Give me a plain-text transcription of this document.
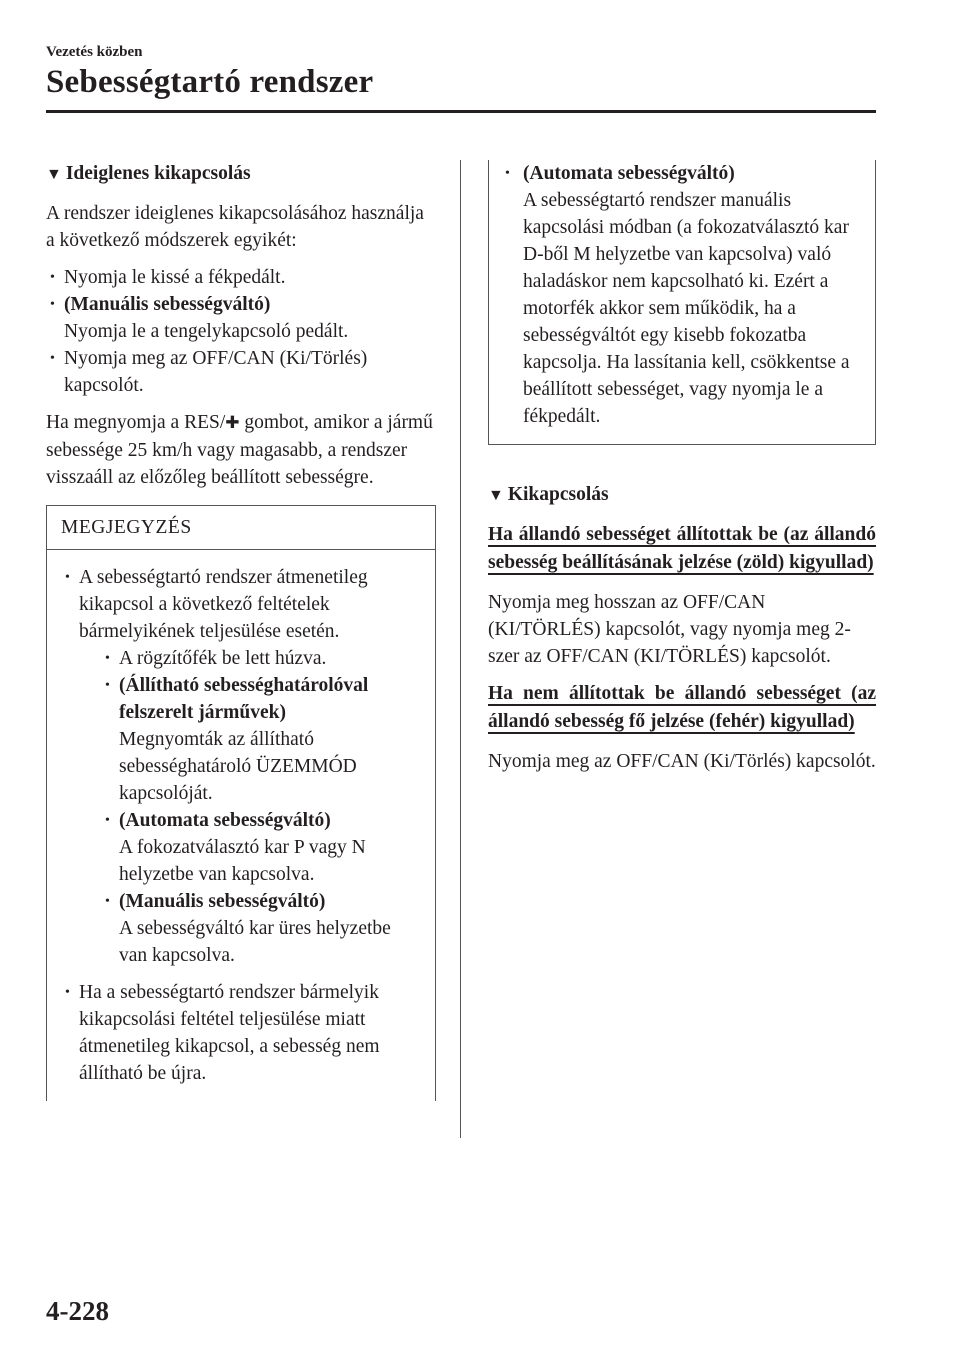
Vezetés közben
Sebességtartó rendszer
▼ Ideiglenes kikapcsolás

A rendszer ideiglenes kikapcsolásához használja a következő módszerek egyikét:

• Nyomja le kissé a fékpedált.
• (Manuális sebességváltó)
Nyomja le a tengelykapcsoló pedált.
• Nyomja meg az OFF/CAN (Ki/Törlés) kapcsolót.

Ha megnyomja a RES/✚ gombot, amikor a jármű sebessége 25 km/h vagy magasabb, a rendszer visszaáll az előzőleg beállított sebességre.

MEGJEGYZÉS
• A sebességtartó rendszer átmenetileg kikapcsol a következő feltételek bármelyikének teljesülése esetén.
• A rögzítőfék be lett húzva.
• (Állítható sebességhatárolóval felszerelt járművek)
Megnyomták az állítható sebességhatároló ÜZEMMÓD kapcsolóját.
• (Automata sebességváltó)
A fokozatválasztó kar P vagy N helyzetbe van kapcsolva.
• (Manuális sebességváltó)
A sebességváltó kar üres helyzetbe van kapcsolva.
• Ha a sebességtartó rendszer bármelyik kikapcsolási feltétel teljesülése miatt átmenetileg kikapcsol, a sebesség nem állítható be újra.
• (Automata sebességváltó)
A sebességtartó rendszer manuális kapcsolási módban (a fokozatválasztó kar D-ből M helyzetbe van kapcsolva) való haladáskor nem kapcsolható ki. Ezért a motorfék akkor sem működik, ha a sebességváltót egy kisebb fokozatba kapcsolja. Ha lassítania kell, csökkentse a beállított sebességet, vagy nyomja le a fékpedált.
▼ Kikapcsolás
Ha állandó sebességet állítottak be (az állandó sebesség beállításának jelzése (zöld) kigyullad)

Nyomja meg hosszan az OFF/CAN (KI/TÖRLÉS) kapcsolót, vagy nyomja meg 2-szer az OFF/CAN (KI/TÖRLÉS) kapcsolót.

Ha nem állítottak be állandó sebességet (az állandó sebesség fő jelzése (fehér) kigyullad)

Nyomja meg az OFF/CAN (Ki/Törlés) kapcsolót.

4-228
